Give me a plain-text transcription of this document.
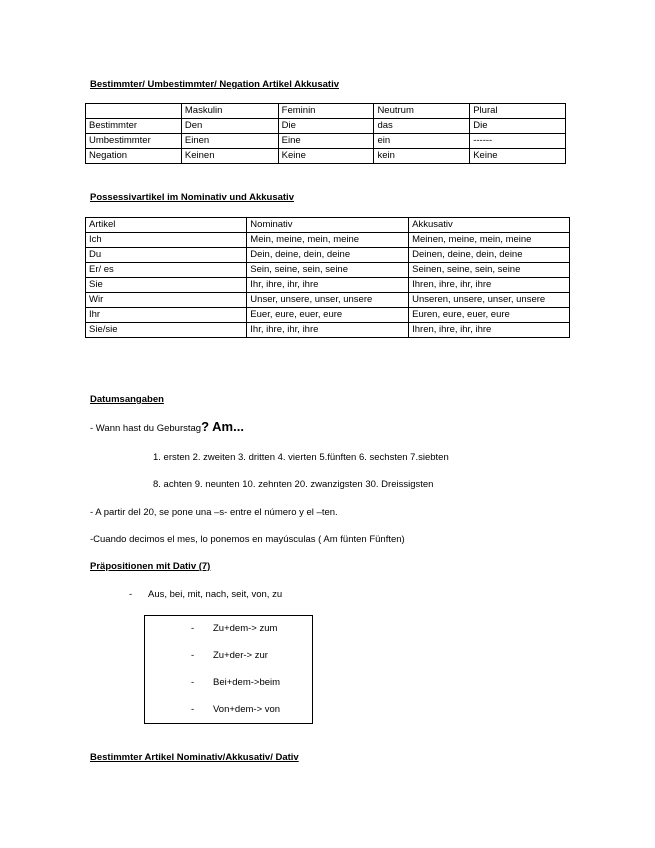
Bestimmter/ Umbestimmter/ Negation Artikel Akkusativ
	Maskulin	Feminin	Neutrum	Plural
Bestimmter	Den	Die	das	Die
Umbestimmter	Einen	Eine	ein	------
Negation	Keinen	Keine	kein	Keine
Possessivartikel im Nominativ und Akkusativ
Artikel	Nominativ	Akkusativ
Ich	Mein, meine, mein, meine	Meinen, meine, mein, meine
Du	Dein, deine, dein, deine	Deinen, deine, dein, deine
Er/ es	Sein, seine, sein, seine	Seinen, seine, sein, seine
Sie	Ihr, ihre, ihr, ihre	Ihren, ihre, ihr, ihre
Wir	Unser, unsere, unser, unsere	Unseren, unsere, unser, unsere
Ihr	Euer, eure, euer, eure	Euren, eure, euer, eure
Sie/sie	Ihr, ihre, ihr, ihre	Ihren, ihre, ihr, ihre
Datumsangaben
- Wann hast du Geburstag? Am...
1. ersten 2. zweiten 3. dritten 4. vierten 5.fünften 6. sechsten 7.siebten
8. achten 9. neunten 10. zehnten 20. zwanzigsten 30. Dreissigsten
- A partir del 20, se pone una –s- entre el número y el –ten.
-Cuando decimos el mes, lo ponemos en mayúsculas ( Am fünten Fünften)
Präpositionen mit Dativ (7)
- Aus, bei, mit, nach, seit, von, zu
- Zu+dem-> zum
- Zu+der-> zur
- Bei+dem->beim
- Von+dem-> von
Bestimmter Artikel Nominativ/Akkusativ/ Dativ
